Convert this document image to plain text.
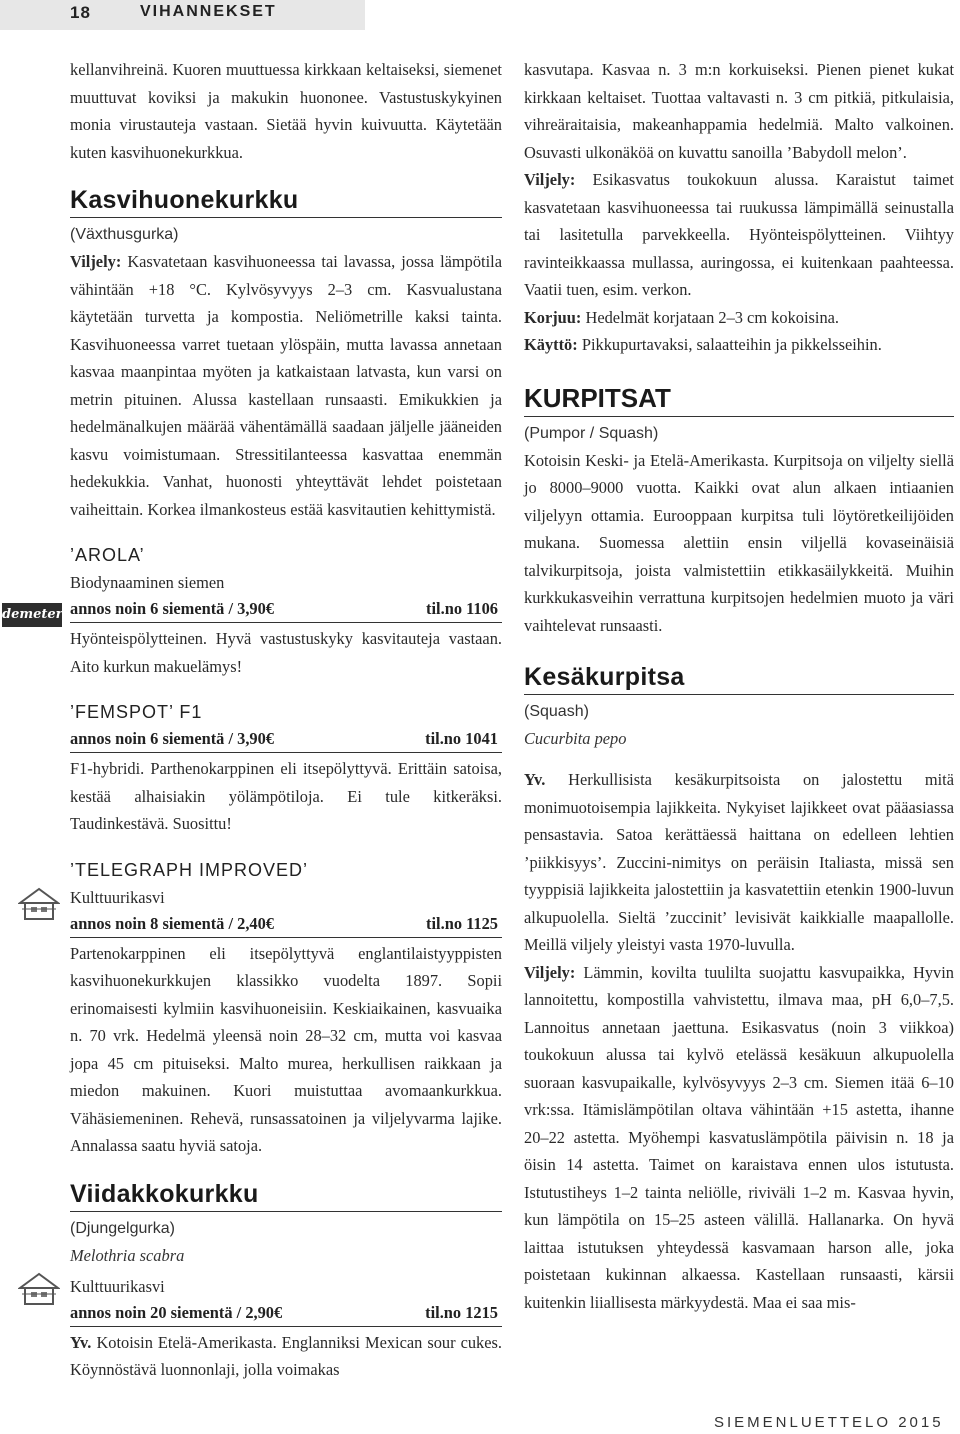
18	VIHANNEKSET
demeter

kellanvihreinä. Kuoren muuttuessa kirkkaan keltaiseksi, siemenet muuttuvat koviksi ja makukin huononee. Vastustuskykyinen monia virustauteja vastaan. Sietää hyvin kuivuutta. Käytetään kuten kasvihuonekurkkua.

Kasvihuonekurkku
(Växthusgurka)

Viljely: Kasvatetaan kasvihuoneessa tai lavassa, jossa lämpötila vähintään +18 °C. Kylvösyvyys 2–3 cm. Kasvualustana käytetään turvetta ja kompostia. Neliömetrille kaksi tainta. Kasvihuoneessa varret tuetaan ylöspäin, mutta lavassa annetaan kasvaa maanpintaa myöten ja katkaistaan latvasta, kun varsi on metrin pituinen. Alussa kastellaan runsaasti. Emikukkien ja hedelmänalkujen määrää vähentämällä saadaan jäljelle jääneiden kasvu voimistumaan. Stressitilanteessa kasvattaa enemmän hedekukkia. Vanhat, huonosti yhteyttävät lehdet poistetaan vaiheittain. Korkea ilmankosteus estää kasvitautien kehittymistä.

’AROLA’

Biodynaaminen siemen

annos noin 6 siementä / 3,90€	til.no 1106

Hyönteispölytteinen. Hyvä vastustuskyky kasvitauteja vastaan. Aito kurkun makuelämys!

’FEMSPOT’ F1

annos noin 6 siementä / 3,90€	til.no 1041

F1-hybridi. Parthenokarppinen eli itsepölyttyvä. Erittäin satoisa, kestää alhaisiakin yölämpötiloja. Ei tule kitkeräksi. Taudinkestävä. Suosittu!

’TELEGRAPH IMPROVED’

Kulttuurikasvi

annos noin 8 siementä / 2,40€	til.no 1125

Partenokarppinen eli itsepölyttyvä englantilaistyyppisten kasvihuonekurkkujen klassikko vuodelta 1897. Sopii erinomaisesti kylmiin kasvihuoneisiin. Keskiaikainen, kasvuaika n. 70 vrk. Hedelmä yleensä noin 28–32 cm, mutta voi kasvaa jopa 45 cm pituiseksi. Malto murea, herkullisen raikkaan ja miedon makuinen. Kuori muistuttaa avomaankurkkua. Vähäsiemeninen. Rehevä, runsassatoinen ja viljelyvarma lajike. Annalassa saatu hyviä satoja.

Viidakkokurkku
(Djungelgurka)
Melothria scabra

Kulttuurikasvi

annos noin 20 siementä / 2,90€	til.no 1215

Yv. Kotoisin Etelä-Amerikasta. Englanniksi Mexican sour cukes. Köynnöstävä luonnonlaji, jolla voimakas

kasvutapa. Kasvaa n. 3 m:n korkuiseksi. Pienen pienet kukat kirkkaan keltaiset. Tuottaa valtavasti n. 3 cm pitkiä, pitkulaisia, vihreäraitaisia, makeanhappamia hedelmiä. Malto valkoinen. Osuvasti ulkonäköä on kuvattu sanoilla ’Babydoll melon’.

Viljely: Esikasvatus toukokuun alussa. Karaistut taimet kasvatetaan kasvihuoneessa tai ruukussa lämpimällä seinustalla tai lasitetulla parvekkeella. Hyönteispölytteinen. Viihtyy ravinteikkaassa mullassa, auringossa, ei kuitenkaan paahteessa. Vaatii tuen, esim. verkon.

Korjuu: Hedelmät korjataan 2–3 cm kokoisina.

Käyttö: Pikkupurtavaksi, salaatteihin ja pikkelsseihin.

KURPITSAT
(Pumpor / Squash)

Kotoisin Keski- ja Etelä-Amerikasta. Kurpitsoja on viljelty siellä jo 8000–9000 vuotta. Kaikki ovat alun alkaen intiaanien viljelyyn ottamia. Eurooppaan kurpitsa tuli löytöretkeilijöiden mukana. Suomessa alettiin ensin viljellä kovaseinäisiä talvikurpitsoja, joista valmistettiin etikkasäilykkeitä. Muihin kurkkukasveihin verrattuna kurpitsojen hedelmien muoto ja väri vaihtelevat runsaasti.

Kesäkurpitsa
(Squash)
Cucurbita pepo

Yv. Herkullisista kesäkurpitsoista on jalostettu mitä monimuotoisempia lajikkeita. Nykyiset lajikkeet ovat pääasiassa pensastavia. Satoa kerättäessä haittana on edelleen lehtien ’piikkisyys’. Zuccini-nimitys on peräisin Italiasta, missä sen tyyppisiä lajikkeita jalostettiin ja kasvatettiin etenkin 1900-luvun alkupuolella. Sieltä ’zuccinit’ levisivät kaikkialle maapallolle. Meillä viljely yleistyi vasta 1970-luvulla.

Viljely: Lämmin, kovilta tuulilta suojattu kasvupaikka, Hyvin lannoitettu, kompostilla vahvistettu, ilmava maa, pH 6,0–7,5. Lannoitus annetaan jaettuna. Esikasvatus (noin 3 viikkoa) toukokuun alussa tai kylvö etelässä kesäkuun alkupuolella suoraan kasvupaikalle, kylvösyvyys 2–3 cm. Siemen itää 6–10 vrk:ssa. Itämislämpötilan oltava vähintään +15 astetta, ihanne 20–22 astetta. Myöhempi kasvatuslämpötila päivisin n. 18 ja öisin 14 astetta. Taimet on karaistava ennen ulos istutusta. Istutustiheys 1–2 tainta neliölle, riviväli 1–2 m. Kasvaa hyvin, kun lämpötila on 15–25 asteen välillä. Hallanarka. On hyvä laittaa istutuksen yhteydessä kasvamaan harson alle, joka poistetaan kukinnan alkaessa. Kastellaan runsaasti, kärsii kuitenkin liiallisesta märkyydestä. Maa ei saa mis-

SIEMENLUETTELO 2015
